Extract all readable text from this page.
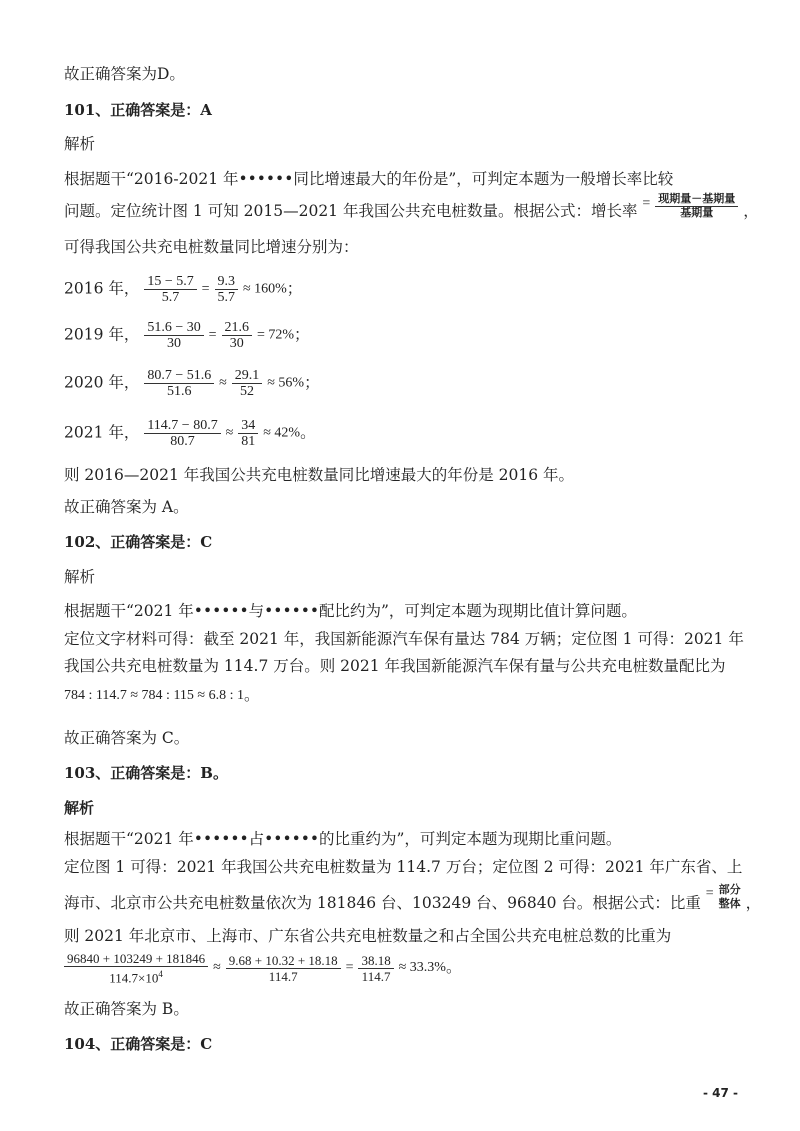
故正确答案为D。
101、正确答案是：A
解析
根据题干“2016-2021 年••••••同比增速最大的年份是”，可判定本题为一般增长率比较
问题。定位统计图 1 可知 2015—2021 年我国公共充电桩数量。根据公式：增长率 = $\frac{\text{现期量－基期量}}{\text{基期量}}$ ，
可得我国公共充电桩数量同比增速分别为：
2016 年， $\frac{15 - 5.7}{5.7} = \frac{9.3}{5.7} \approx 160\%$；
2019 年， $\frac{51.6 - 30}{30} = \frac{21.6}{30} = 72\%$；
2020 年， $\frac{80.7 - 51.6}{51.6} \approx \frac{29.1}{52} \approx 56\%$；
2021 年， $\frac{114.7 - 80.7}{80.7} \approx \frac{34}{81} \approx 42\%$。
则 2016—2021 年我国公共充电桩数量同比增速最大的年份是 2016 年。
故正确答案为 A。
102、正确答案是：C
解析
根据题干“2021 年••••••与••••••配比约为”，可判定本题为现期比值计算问题。
定位文字材料可得：截至 2021 年，我国新能源汽车保有量达 784 万辆；定位图 1 可得：2021 年
我国公共充电桩数量为 114.7 万台。则 2021 年我国新能源汽车保有量与公共充电桩数量配比为
784 : 114.7 ≈ 784 : 115 ≈ 6.8 : 1。
故正确答案为 C。
103、正确答案是：B。
解析
根据题干“2021 年••••••占••••••的比重约为”，可判定本题为现期比重问题。
定位图 1 可得：2021 年我国公共充电桩数量为 114.7 万台；定位图 2 可得：2021 年广东省、上
海市、北京市公共充电桩数量依次为 181846 台、103249 台、96840 台。根据公式：比重 = 部分
整体 ，
则 2021 年北京市、上海市、广东省公共充电桩数量之和占全国公共充电桩总数的比重为
$\frac{96840 + 103249 + 181846}{114.7\times 10^4} \approx \frac{9.68 + 10.32 + 18.18}{114.7} = \frac{38.18}{114.7} \approx 33.3\%$。
故正确答案为 B。
104、正确答案是：C
- 47 -
